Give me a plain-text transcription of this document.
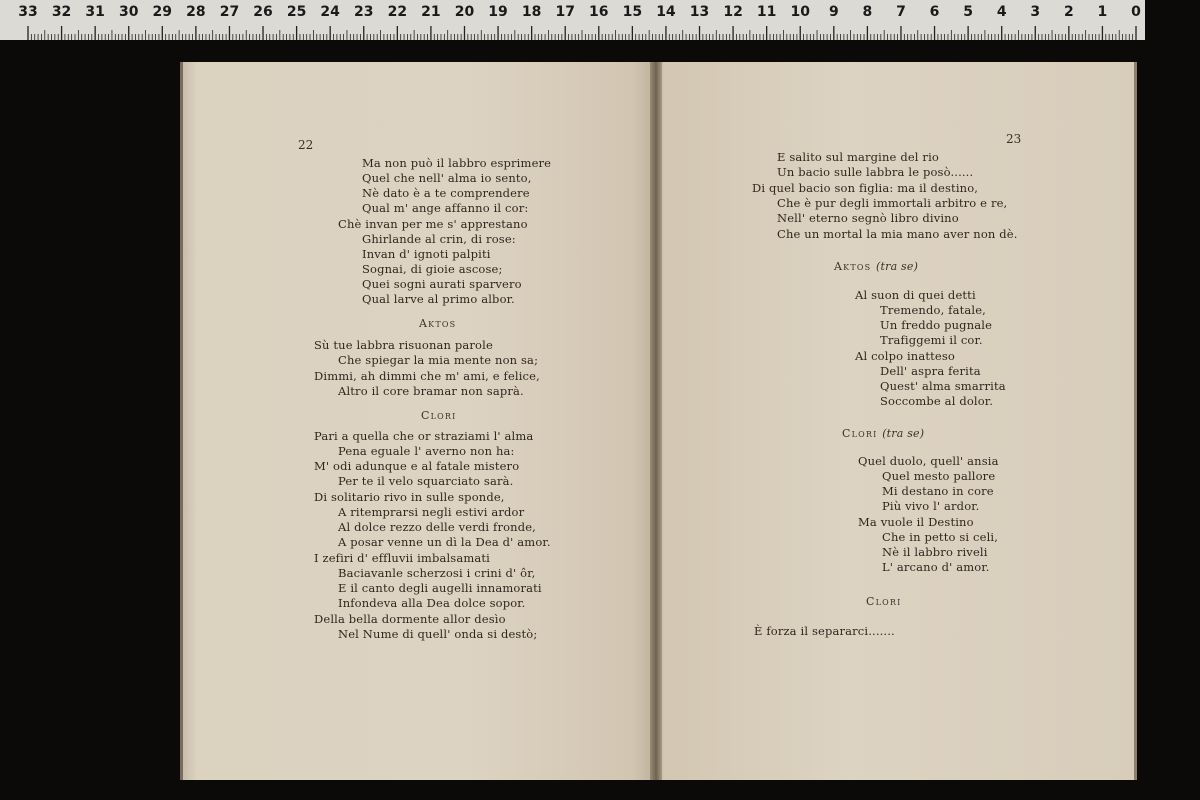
33	32	31	30	29	28	27	26	25	24	23	22	21	20	19	18	17	16	15	14	13	12	11	10	9	8	7	6	5	4	3	2	1	0
22
Ma non può il labbro esprimere
Quel che nell' alma io sento,
Nè dato è a te comprendere
Qual m' ange affanno il cor:
Chè invan per me s' apprestano
Ghirlande al crin, di rose:
Invan d' ignoti palpiti
Sognai, di gioie ascose;
Quei sogni aurati sparvero
Qual larve al primo albor.
Aktos
Sù tue labbra risuonan parole
Che spiegar la mia mente non sa;
Dimmi, ah dimmi che m' ami, e felice,
Altro il core bramar non saprà.
Clori
Pari a quella che or straziami l' alma
Pena eguale l' averno non ha:
M' odi adunque e al fatale mistero
Per te il velo squarciato sarà.
Di solitario rivo in sulle sponde,
A ritemprarsi negli estivi ardor
Al dolce rezzo delle verdi fronde,
A posar venne un dì la Dea d' amor.
I zefiri d' effluvii imbalsamati
Baciavanle scherzosi i crini d' ôr,
E il canto degli augelli innamorati
Infondeva alla Dea dolce sopor.
Della bella dormente allor desìo
Nel Nume di quell' onda si destò;
23
E salito sul margine del rio
Un bacio sulle labbra le posò......
Di quel bacio son figlia: ma il destino,
Che è pur degli immortali arbitro e re,
Nell' eterno segnò libro divino
Che un mortal la mia mano aver non dè.
Aktos (tra se)
Al suon di quei detti
Tremendo, fatale,
Un freddo pugnale
Trafiggemi il cor.
Al colpo inatteso
Dell' aspra ferita
Quest' alma smarrita
Soccombe al dolor.
Clori (tra se)
Quel duolo, quell' ansia
Quel mesto pallore
Mi destano in core
Più vivo l' ardor.
Ma vuole il Destino
Che in petto si celi,
Nè il labbro riveli
L' arcano d' amor.
Clori
È forza il separarci.......
